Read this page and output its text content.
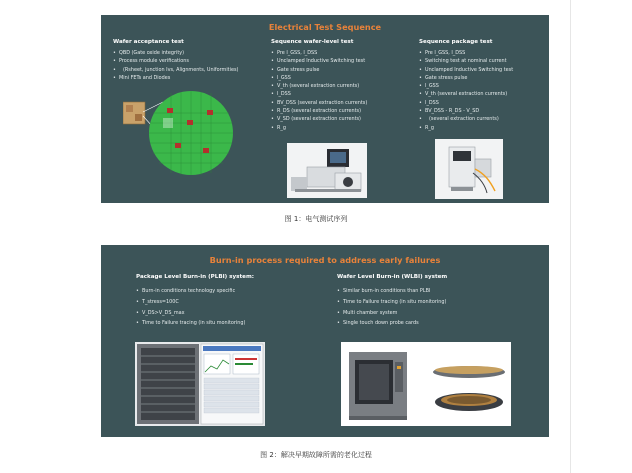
Electrical Test Sequence
Wafer acceptance test
• QBD (Gate oxide integrity)
• Process module verifications
• (Rsheet, junction Ivs, Alignments, Uniformities)
• Mini FETs and Diodes
Sequence wafer-level test
• Pre I_GSS, I_DSS
• Unclamped Inductive Switching test
• Gate stress pulse
• I_GSS
• V_th (several extraction currents)
• I_DSS
• BV_DSS (several extraction currents)
• R_DS (several extraction currents)
• V_SD (several extraction currents)
• R_g
Sequence package test
• Pre I_GSS, I_DSS
• Switching test at nominal current
• Unclamped Inductive Switching test
• Gate stress pulse
• I_GSS
• V_th (several extraction currents)
• I_DSS
• BV_DSS - R_DS - V_SD
• (several extraction currents)
• R_g
图 1：电气测试序列
Burn-in process required to address early failures
Package Level Burn-in (PLBI) system:
• Burn-in conditions technology specific
• T_stress=100C
• V_DS>V_DS_max
• Time to Failure tracing (in situ monitoring)
Wafer Level Burn-in (WLBI) system
• Similar burn-in conditions than PLBI
• Time to Failure tracing (in situ monitoring)
• Multi chamber system
• Single touch down probe cards
图 2：解决早期故障所需的老化过程
